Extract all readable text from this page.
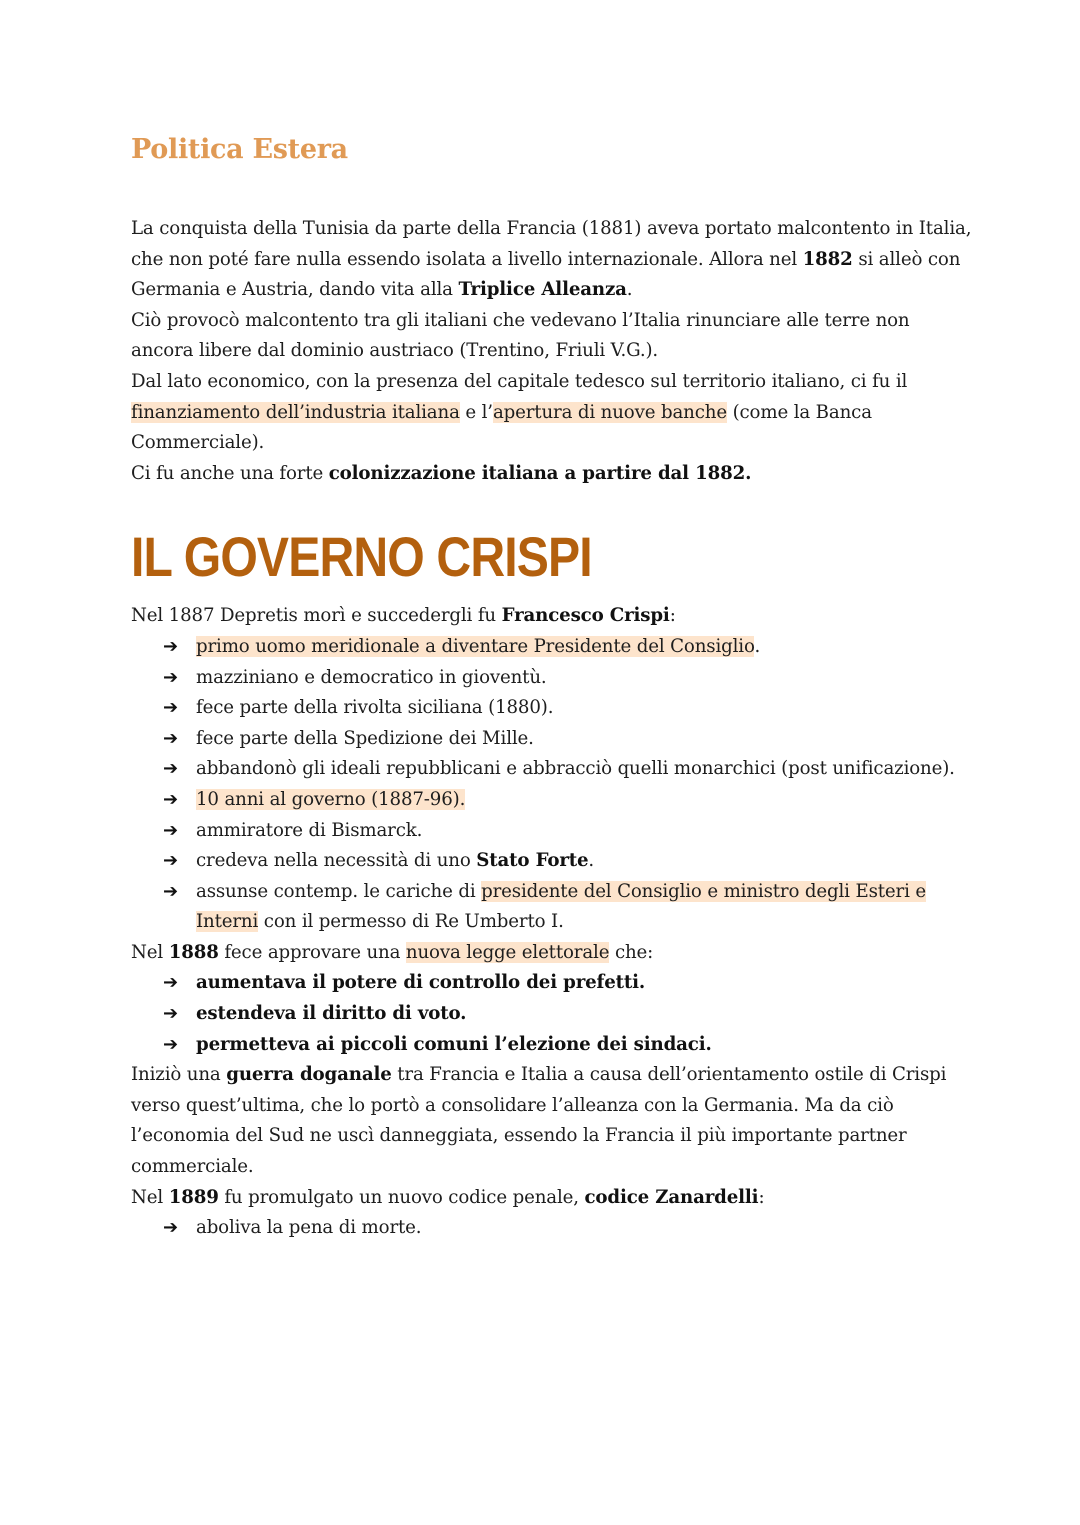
Politica Estera
La conquista della Tunisia da parte della Francia (1881) aveva portato malcontento in Italia,
che non poté fare nulla essendo isolata a livello internazionale. Allora nel 1882 si alleò con
Germania e Austria, dando vita alla Triplice Alleanza.
Ciò provocò malcontento tra gli italiani che vedevano l’Italia rinunciare alle terre non
ancora libere dal dominio austriaco (Trentino, Friuli V.G.).
Dal lato economico, con la presenza del capitale tedesco sul territorio italiano, ci fu il
finanziamento dell’industria italiana e l’apertura di nuove banche (come la Banca
Commerciale).
Ci fu anche una forte colonizzazione italiana a partire dal 1882.
IL GOVERNO CRISPI
Nel 1887 Depretis morì e succedergli fu Francesco Crispi:
➔ primo uomo meridionale a diventare Presidente del Consiglio.
➔ mazziniano e democratico in gioventù.
➔ fece parte della rivolta siciliana (1880).
➔ fece parte della Spedizione dei Mille.
➔ abbandonò gli ideali repubblicani e abbracciò quelli monarchici (post unificazione).
➔ 10 anni al governo (1887-96).
➔ ammiratore di Bismarck.
➔ credeva nella necessità di uno Stato Forte.
➔ assunse contemp. le cariche di presidente del Consiglio e ministro degli Esteri e
Interni con il permesso di Re Umberto I.
Nel 1888 fece approvare una nuova legge elettorale che:
➔ aumentava il potere di controllo dei prefetti.
➔ estendeva il diritto di voto.
➔ permetteva ai piccoli comuni l’elezione dei sindaci.
Iniziò una guerra doganale tra Francia e Italia a causa dell’orientamento ostile di Crispi
verso quest’ultima, che lo portò a consolidare l’alleanza con la Germania. Ma da ciò
l’economia del Sud ne uscì danneggiata, essendo la Francia il più importante partner
commerciale.
Nel 1889 fu promulgato un nuovo codice penale, codice Zanardelli:
➔ aboliva la pena di morte.
